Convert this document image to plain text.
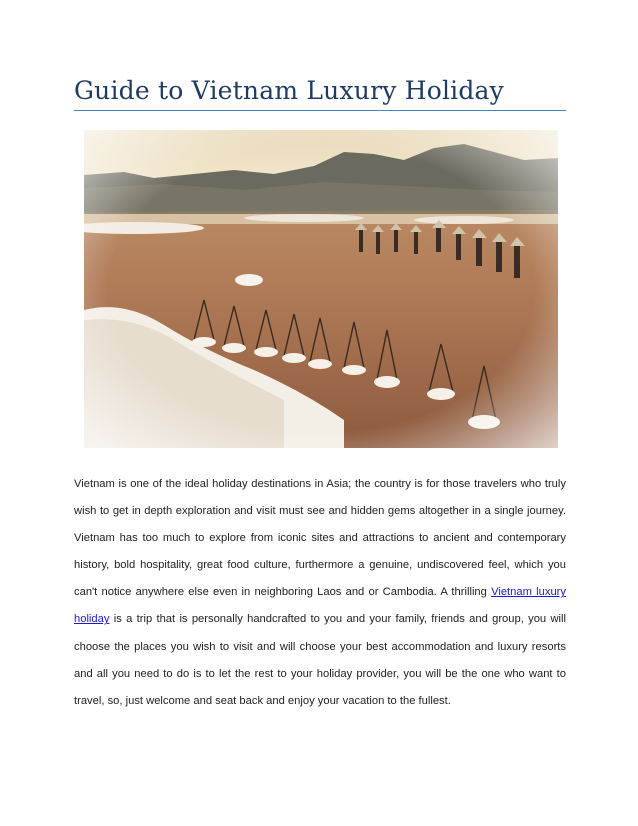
Guide to Vietnam Luxury Holiday

Vietnam is one of the ideal holiday destinations in Asia; the country is for those travelers who truly wish to get in depth exploration and visit must see and hidden gems altogether in a single journey. Vietnam has too much to explore from iconic sites and attractions to ancient and contemporary history, bold hospitality, great food culture, furthermore a genuine, undiscovered feel, which you can't notice anywhere else even in neighboring Laos and or Cambodia. A thrilling Vietnam luxury holiday is a trip that is personally handcrafted to you and your family, friends and group, you will choose the places you wish to visit and will choose your best accommodation and luxury resorts and all you need to do is to let the rest to your holiday provider, you will be the one who want to travel, so, just welcome and seat back and enjoy your vacation to the fullest.
